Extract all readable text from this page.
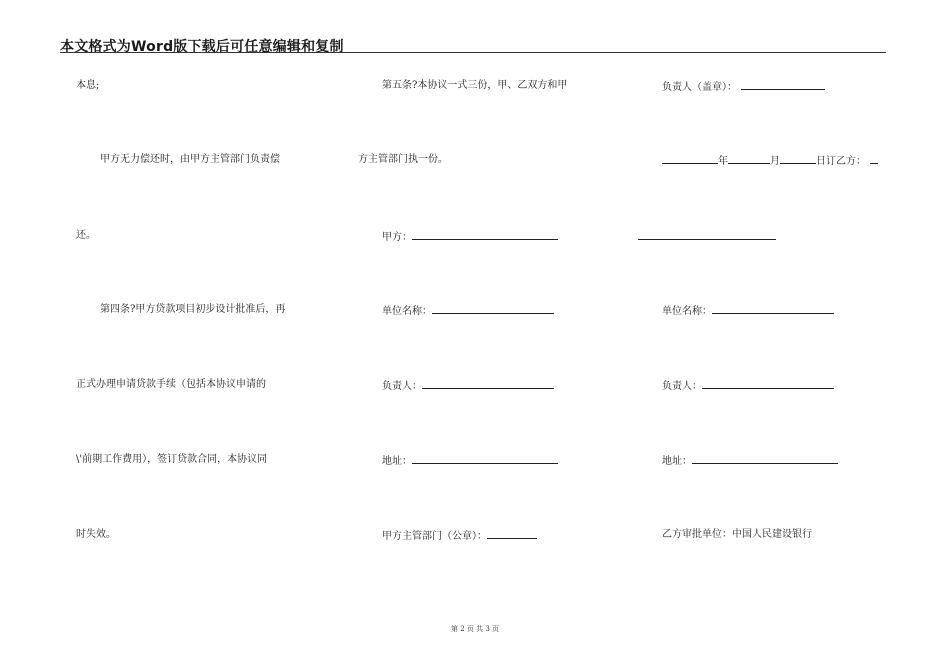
本文格式为Word版下载后可任意编辑和复制
本息;
甲方无力偿还时，由甲方主管部门负责偿
还。
第四条?甲方贷款项目初步设计批准后，再
正式办理申请贷款手续（包括本协议申请的
\'前期工作费用），签订贷款合同，本协议同
时失效。
第五条?本协议一式三份，甲、乙双方和甲
方主管部门执一份。
甲方：
单位名称：
负责人：
地址：
甲方主管部门（公章）：
负责人（盖章）：
年	月	日订乙方：
单位名称：
负责人：
地址：
乙方审批单位：中国人民建设银行
第 2 页 共 3 页
